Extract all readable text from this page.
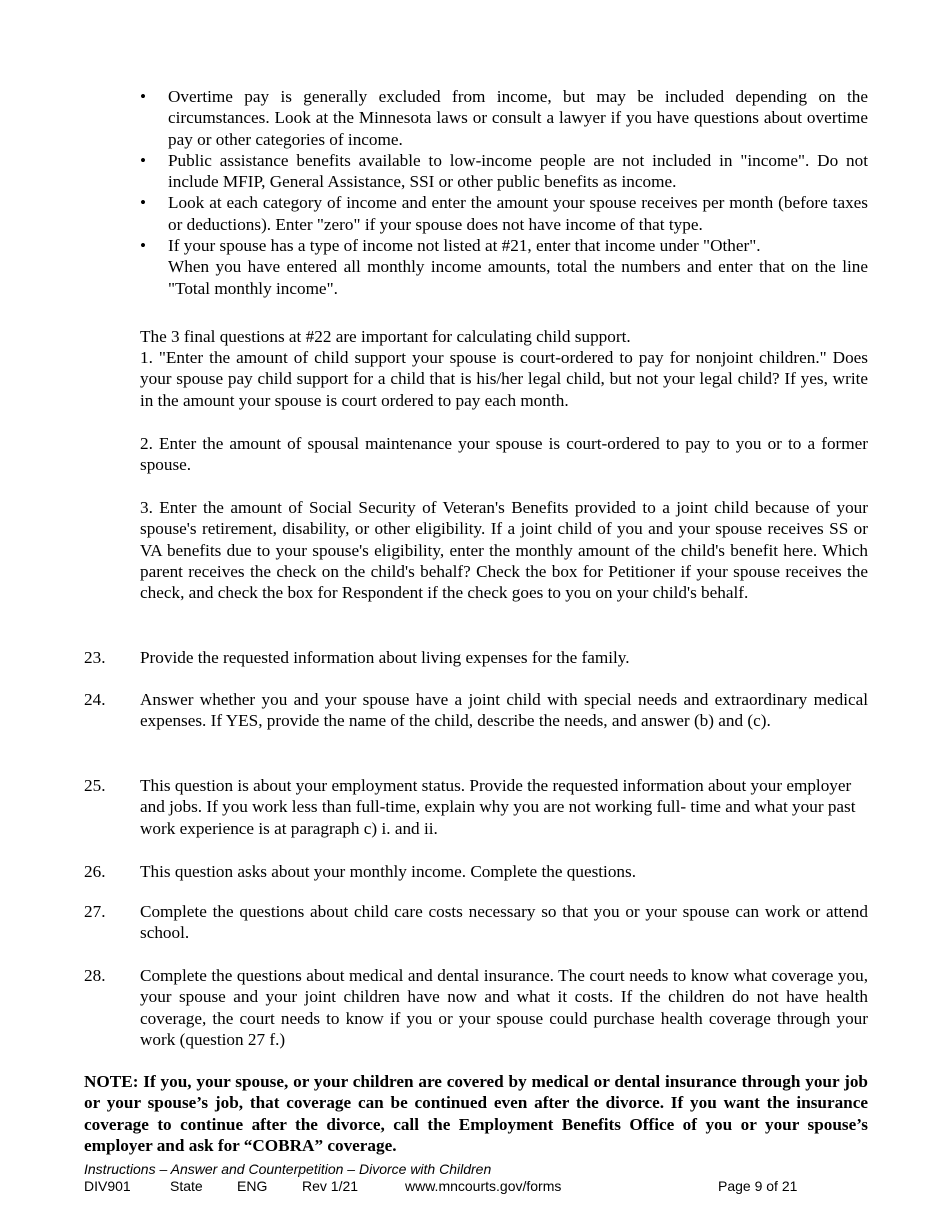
• Overtime pay is generally excluded from income, but may be included depending on the circumstances. Look at the Minnesota laws or consult a lawyer if you have questions about overtime pay or other categories of income.
• Public assistance benefits available to low-income people are not included in "income". Do not include MFIP, General Assistance, SSI or other public benefits as income.
• Look at each category of income and enter the amount your spouse receives per month (before taxes or deductions). Enter "zero" if your spouse does not have income of that type.
• If your spouse has a type of income not listed at #21, enter that income under "Other".
When you have entered all monthly income amounts, total the numbers and enter that on the line "Total monthly income".

The 3 final questions at #22 are important for calculating child support.

1. "Enter the amount of child support your spouse is court-ordered to pay for nonjoint children." Does your spouse pay child support for a child that is his/her legal child, but not your legal child? If yes, write in the amount your spouse is court ordered to pay each month.

2. Enter the amount of spousal maintenance your spouse is court-ordered to pay to you or to a former spouse.

3. Enter the amount of Social Security of Veteran's Benefits provided to a joint child because of your spouse's retirement, disability, or other eligibility. If a joint child of you and your spouse receives SS or VA benefits due to your spouse's eligibility, enter the monthly amount of the child's benefit here. Which parent receives the check on the child's behalf? Check the box for Petitioner if your spouse receives the check, and check the box for Respondent if the check goes to you on your child's behalf.

23. Provide the requested information about living expenses for the family.

24. Answer whether you and your spouse have a joint child with special needs and extraordinary medical expenses. If YES, provide the name of the child, describe the needs, and answer (b) and (c).

25. This question is about your employment status. Provide the requested information about your employer and jobs. If you work less than full-time, explain why you are not working full- time and what your past work experience is at paragraph c) i. and ii.

26. This question asks about your monthly income. Complete the questions.

27. Complete the questions about child care costs necessary so that you or your spouse can work or attend school.

28. Complete the questions about medical and dental insurance. The court needs to know what coverage you, your spouse and your joint children have now and what it costs. If the children do not have health coverage, the court needs to know if you or your spouse could purchase health coverage through your work (question 27 f.)

NOTE: If you, your spouse, or your children are covered by medical or dental insurance through your job or your spouse’s job, that coverage can be continued even after the divorce. If you want the insurance coverage to continue after the divorce, call the Employment Benefits Office of you or your spouse’s employer and ask for “COBRA” coverage.

Instructions – Answer and Counterpetition – Divorce with Children
DIV901	State ENG Rev 1/21	www.mncourts.gov/forms	Page 9 of 21
